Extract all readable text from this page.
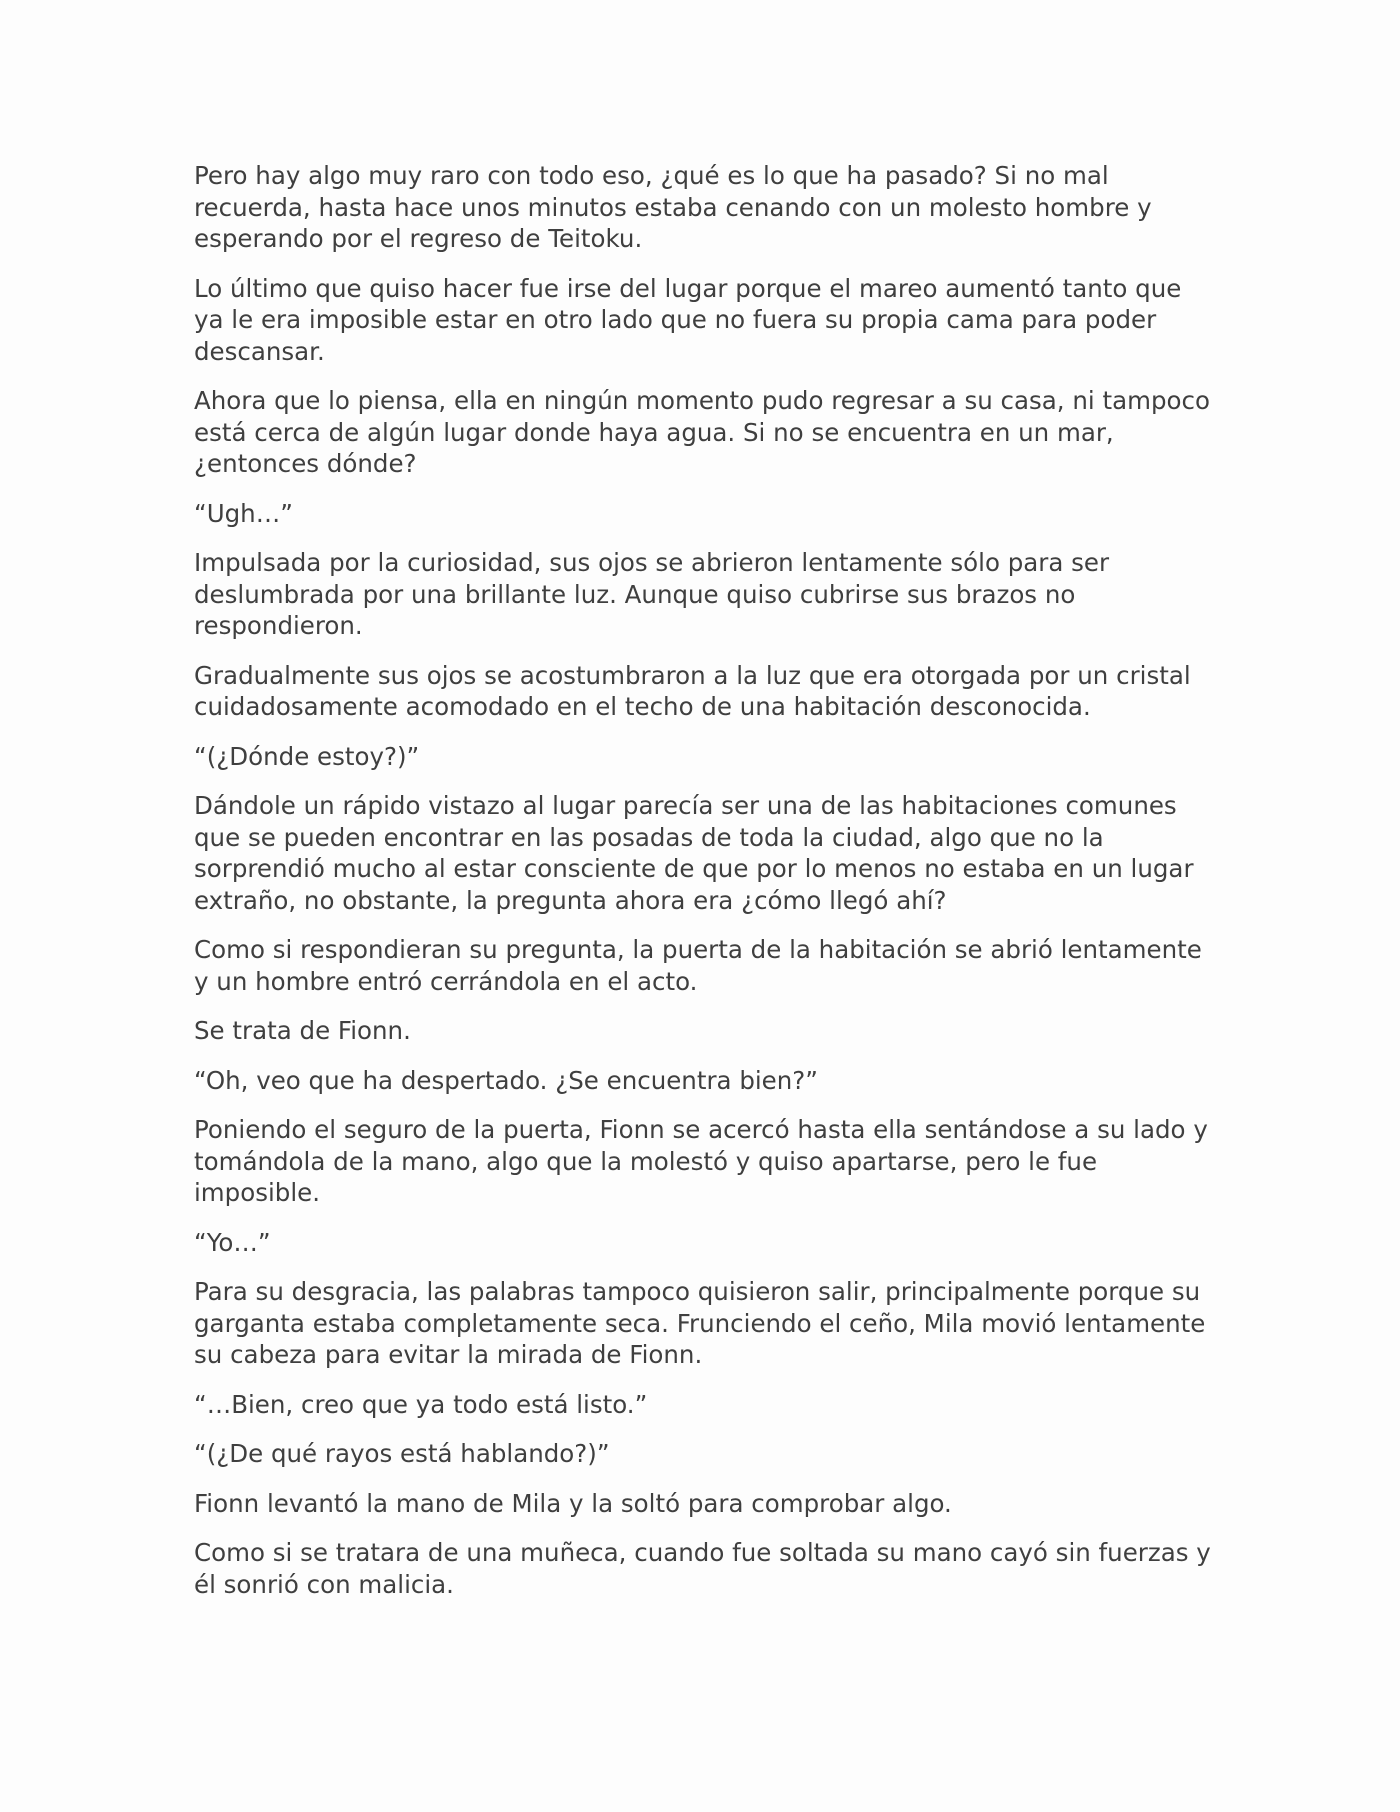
Pero hay algo muy raro con todo eso, ¿qué es lo que ha pasado? Si no mal recuerda, hasta hace unos minutos estaba cenando con un molesto hombre y esperando por el regreso de Teitoku.

Lo último que quiso hacer fue irse del lugar porque el mareo aumentó tanto que ya le era imposible estar en otro lado que no fuera su propia cama para poder descansar.

Ahora que lo piensa, ella en ningún momento pudo regresar a su casa, ni tampoco está cerca de algún lugar donde haya agua. Si no se encuentra en un mar, ¿entonces dónde?

“Ugh…”

Impulsada por la curiosidad, sus ojos se abrieron lentamente sólo para ser deslumbrada por una brillante luz. Aunque quiso cubrirse sus brazos no respondieron.

Gradualmente sus ojos se acostumbraron a la luz que era otorgada por un cristal cuidadosamente acomodado en el techo de una habitación desconocida.

“(¿Dónde estoy?)”

Dándole un rápido vistazo al lugar parecía ser una de las habitaciones comunes que se pueden encontrar en las posadas de toda la ciudad, algo que no la sorprendió mucho al estar consciente de que por lo menos no estaba en un lugar extraño, no obstante, la pregunta ahora era ¿cómo llegó ahí?

Como si respondieran su pregunta, la puerta de la habitación se abrió lentamente y un hombre entró cerrándola en el acto.

Se trata de Fionn.

“Oh, veo que ha despertado. ¿Se encuentra bien?”

Poniendo el seguro de la puerta, Fionn se acercó hasta ella sentándose a su lado y tomándola de la mano, algo que la molestó y quiso apartarse, pero le fue imposible.

“Yo…”

Para su desgracia, las palabras tampoco quisieron salir, principalmente porque su garganta estaba completamente seca. Frunciendo el ceño, Mila movió lentamente su cabeza para evitar la mirada de Fionn.

“…Bien, creo que ya todo está listo.”

“(¿De qué rayos está hablando?)”

Fionn levantó la mano de Mila y la soltó para comprobar algo.

Como si se tratara de una muñeca, cuando fue soltada su mano cayó sin fuerzas y él sonrió con malicia.
